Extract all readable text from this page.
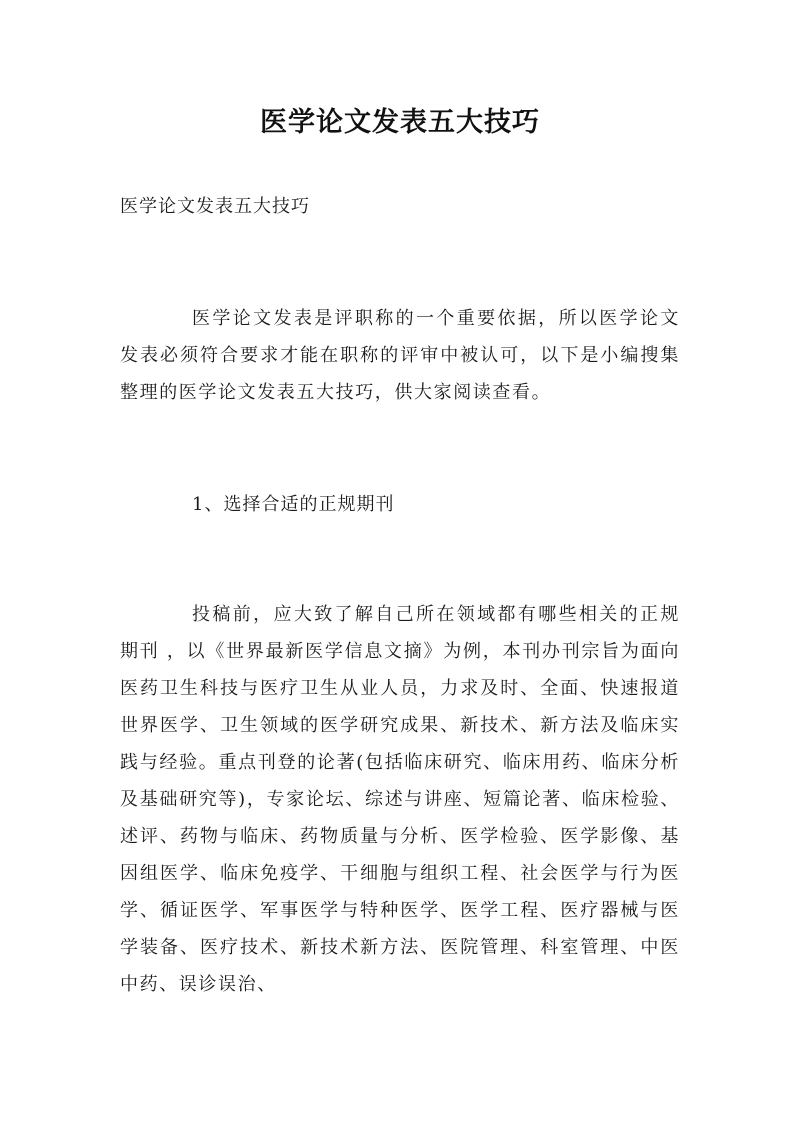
医学论文发表五大技巧

医学论文发表五大技巧

医学论文发表是评职称的一个重要依据，所以医学论文发表必须符合要求才能在职称的评审中被认可，以下是小编搜集整理的医学论文发表五大技巧，供大家阅读查看。

1、选择合适的正规期刊

投稿前，应大致了解自己所在领域都有哪些相关的正规期刊 ，以《世界最新医学信息文摘》为例，本刊办刊宗旨为面向医药卫生科技与医疗卫生从业人员，力求及时、全面、快速报道世界医学、卫生领域的医学研究成果、新技术、新方法及临床实践与经验。重点刊登的论著(包括临床研究、临床用药、临床分析及基础研究等)，专家论坛、综述与讲座、短篇论著、临床检验、述评、药物与临床、药物质量与分析、医学检验、医学影像、基因组医学、临床免疫学、干细胞与组织工程、社会医学与行为医学、循证医学、军事医学与特种医学、医学工程、医疗器械与医学装备、医疗技术、新技术新方法、医院管理、科室管理、中医中药、误诊误治、
